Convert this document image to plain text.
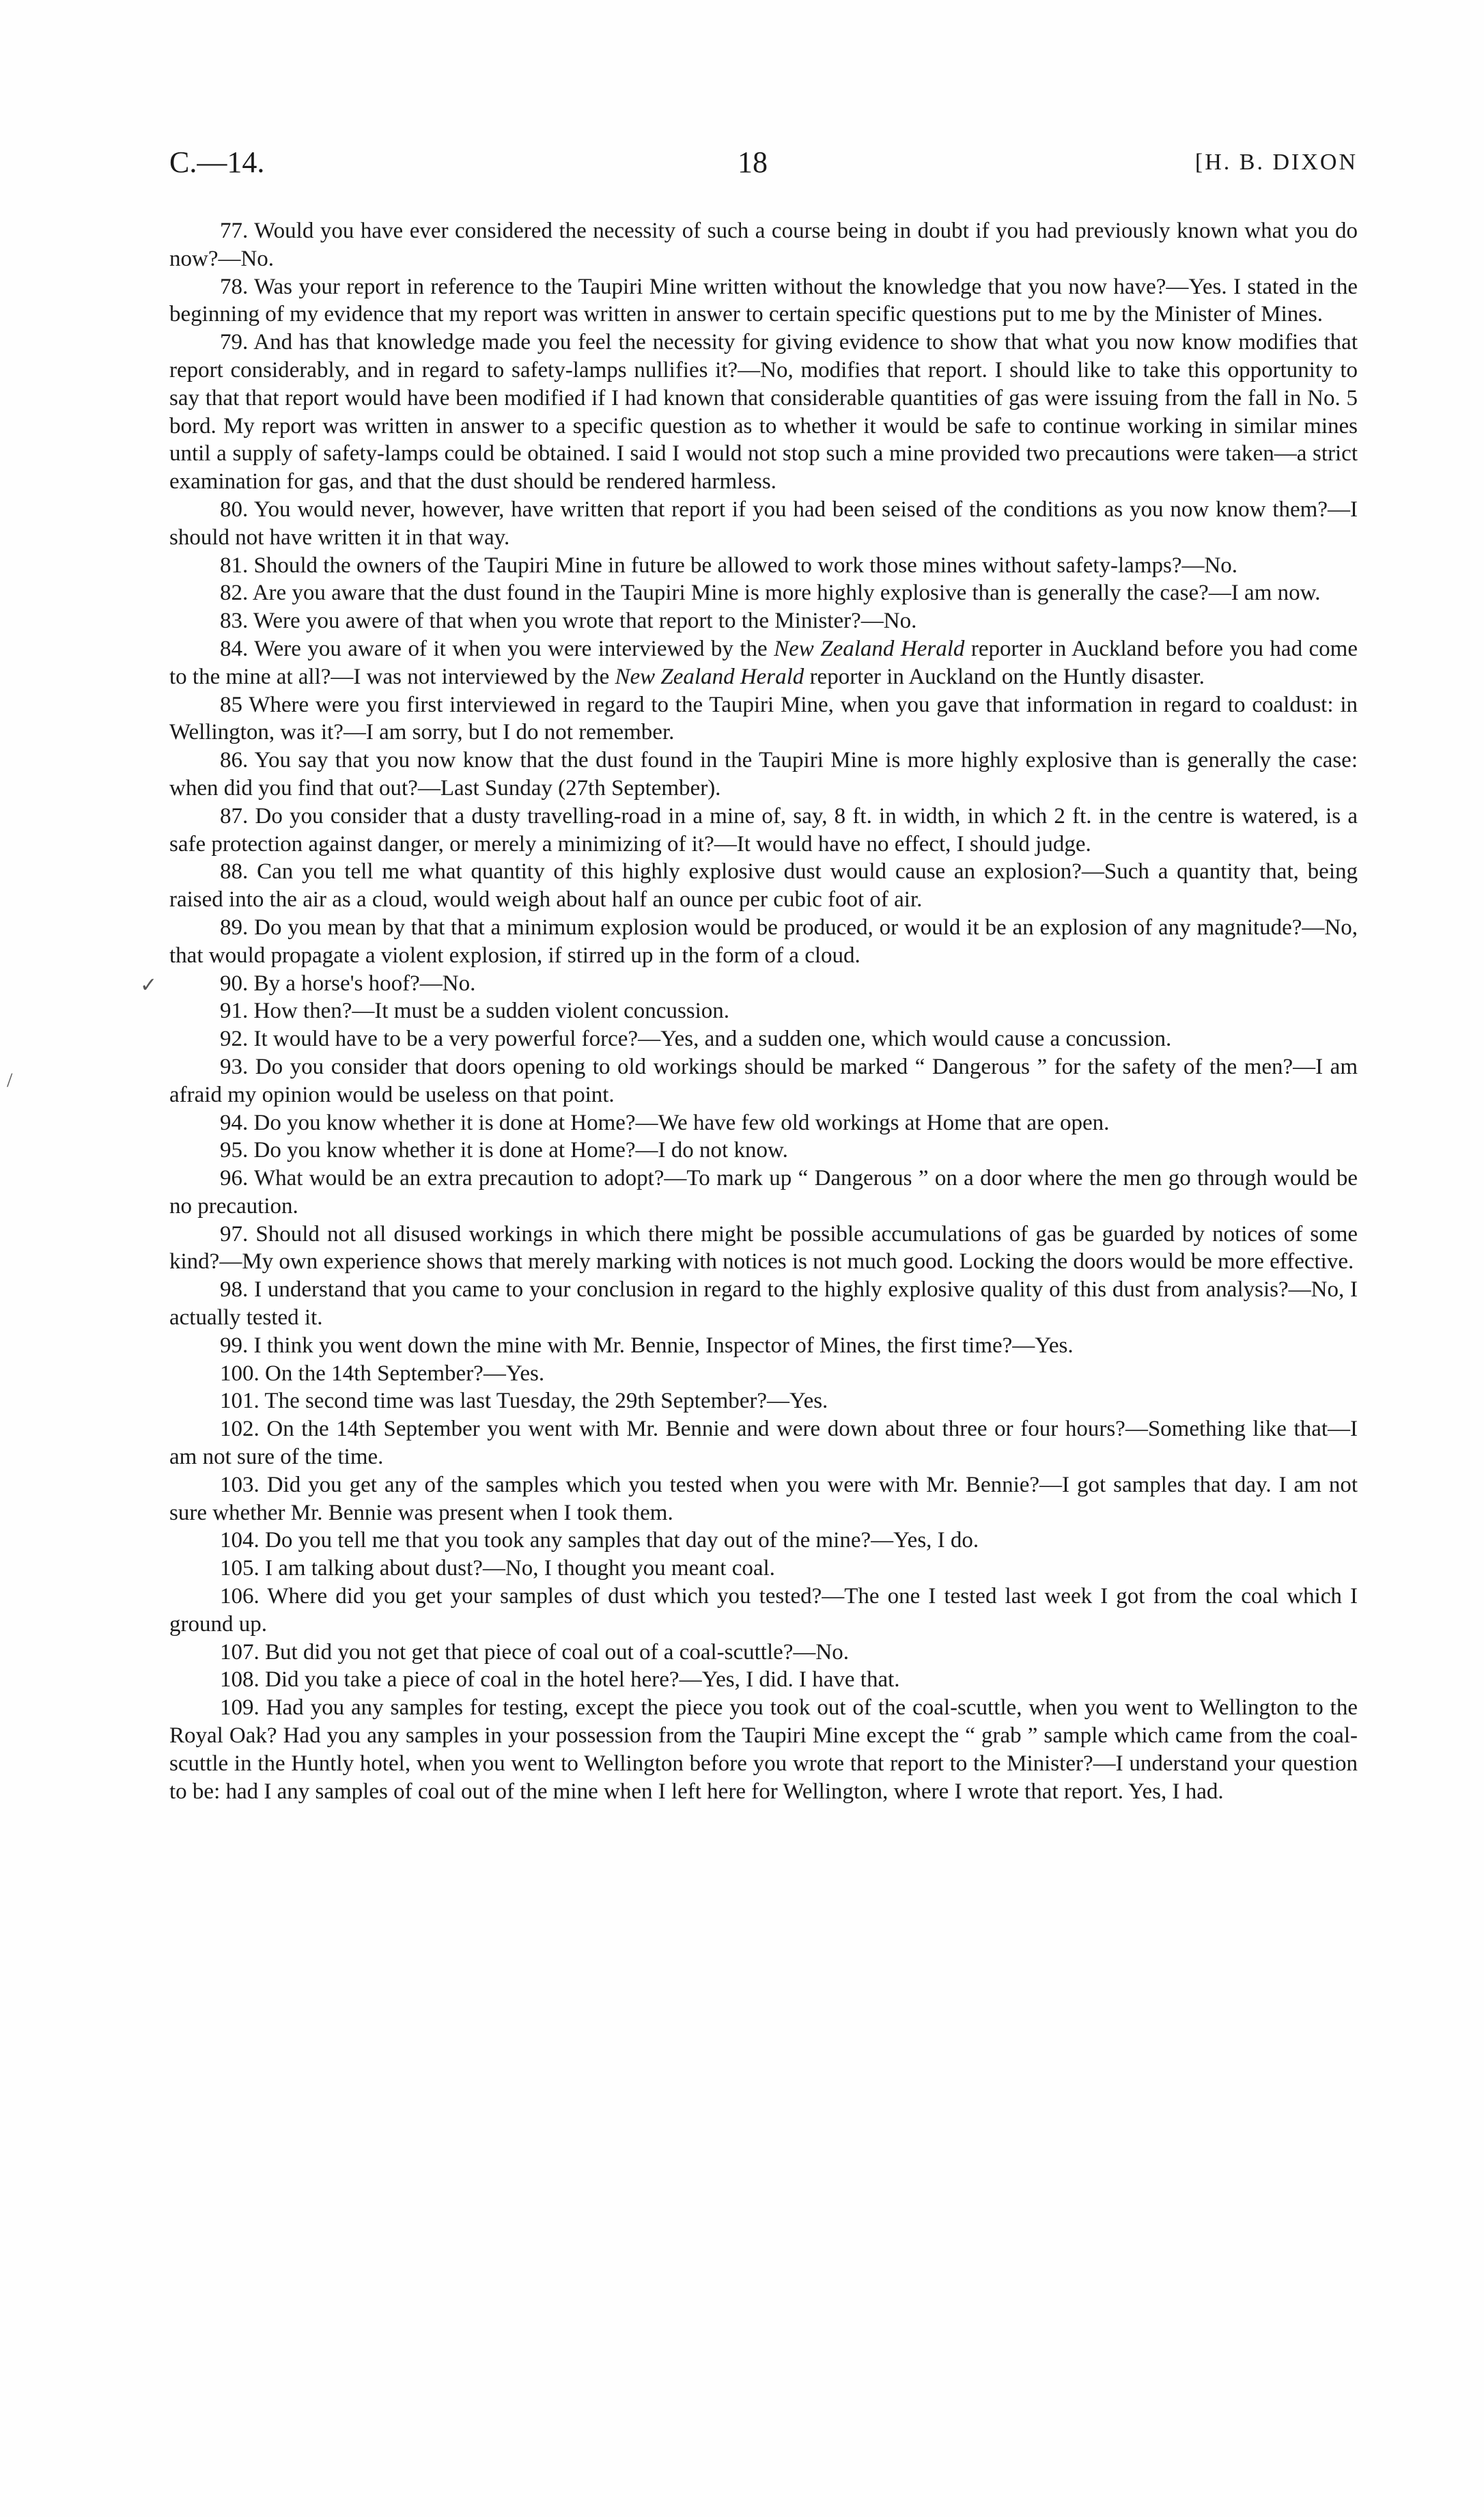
C.—14.	18	[H. B. DIXON

77. Would you have ever considered the necessity of such a course being in doubt if you had previously known what you do now?—No.

78. Was your report in reference to the Taupiri Mine written without the knowledge that you now have?—Yes. I stated in the beginning of my evidence that my report was written in answer to certain specific questions put to me by the Minister of Mines.

79. And has that knowledge made you feel the necessity for giving evidence to show that what you now know modifies that report considerably, and in regard to safety-lamps nullifies it?—No, modifies that report. I should like to take this opportunity to say that that report would have been modified if I had known that considerable quantities of gas were issuing from the fall in No. 5 bord. My report was written in answer to a specific question as to whether it would be safe to continue working in similar mines until a supply of safety-lamps could be obtained. I said I would not stop such a mine provided two precautions were taken—a strict examination for gas, and that the dust should be rendered harmless.

80. You would never, however, have written that report if you had been seised of the conditions as you now know them?—I should not have written it in that way.

81. Should the owners of the Taupiri Mine in future be allowed to work those mines without safety-lamps?—No.

82. Are you aware that the dust found in the Taupiri Mine is more highly explosive than is generally the case?—I am now.

83. Were you awere of that when you wrote that report to the Minister?—No.

84. Were you aware of it when you were interviewed by the New Zealand Herald reporter in Auckland before you had come to the mine at all?—I was not interviewed by the New Zealand Herald reporter in Auckland on the Huntly disaster.

85 Where were you first interviewed in regard to the Taupiri Mine, when you gave that information in regard to coaldust: in Wellington, was it?—I am sorry, but I do not remember.

86. You say that you now know that the dust found in the Taupiri Mine is more highly explosive than is generally the case: when did you find that out?—Last Sunday (27th September).

87. Do you consider that a dusty travelling-road in a mine of, say, 8 ft. in width, in which 2 ft. in the centre is watered, is a safe protection against danger, or merely a minimizing of it?—It would have no effect, I should judge.

88. Can you tell me what quantity of this highly explosive dust would cause an explosion?—Such a quantity that, being raised into the air as a cloud, would weigh about half an ounce per cubic foot of air.

89. Do you mean by that that a minimum explosion would be produced, or would it be an explosion of any magnitude?—No, that would propagate a violent explosion, if stirred up in the form of a cloud.

90. By a horse's hoof?—No.

91. How then?—It must be a sudden violent concussion.

92. It would have to be a very powerful force?—Yes, and a sudden one, which would cause a concussion.

93. Do you consider that doors opening to old workings should be marked “ Dangerous ” for the safety of the men?—I am afraid my opinion would be useless on that point.

94. Do you know whether it is done at Home?—We have few old workings at Home that are open.

95. Do you know whether it is done at Home?—I do not know.

96. What would be an extra precaution to adopt?—To mark up “ Dangerous ” on a door where the men go through would be no precaution.

97. Should not all disused workings in which there might be possible accumulations of gas be guarded by notices of some kind?—My own experience shows that merely marking with notices is not much good. Locking the doors would be more effective.

98. I understand that you came to your conclusion in regard to the highly explosive quality of this dust from analysis?—No, I actually tested it.

99. I think you went down the mine with Mr. Bennie, Inspector of Mines, the first time?—Yes.

100. On the 14th September?—Yes.

101. The second time was last Tuesday, the 29th September?—Yes.

102. On the 14th September you went with Mr. Bennie and were down about three or four hours?—Something like that—I am not sure of the time.

103. Did you get any of the samples which you tested when you were with Mr. Bennie?—I got samples that day. I am not sure whether Mr. Bennie was present when I took them.

104. Do you tell me that you took any samples that day out of the mine?—Yes, I do.

105. I am talking about dust?—No, I thought you meant coal.

106. Where did you get your samples of dust which you tested?—The one I tested last week I got from the coal which I ground up.

107. But did you not get that piece of coal out of a coal-scuttle?—No.

108. Did you take a piece of coal in the hotel here?—Yes, I did. I have that.

109. Had you any samples for testing, except the piece you took out of the coal-scuttle, when you went to Wellington to the Royal Oak? Had you any samples in your possession from the Taupiri Mine except the “ grab ” sample which came from the coal-scuttle in the Huntly hotel, when you went to Wellington before you wrote that report to the Minister?—I understand your question to be: had I any samples of coal out of the mine when I left here for Wellington, where I wrote that report. Yes, I had.

✓
/
